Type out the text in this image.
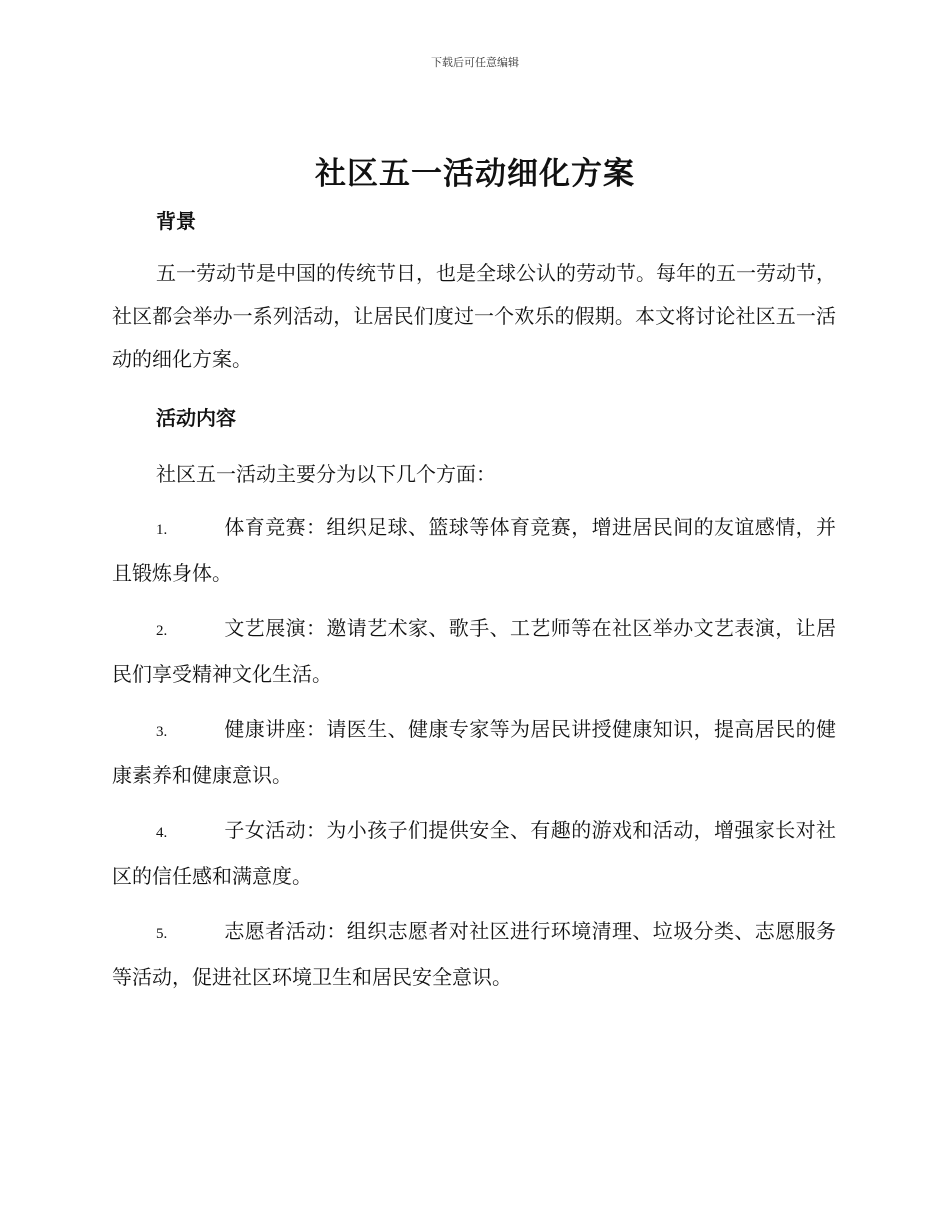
下载后可任意编辑
社区五一活动细化方案
背景

五一劳动节是中国的传统节日，也是全球公认的劳动节。每年的五一劳动节，社区都会举办一系列活动，让居民们度过一个欢乐的假期。本文将讨论社区五一活动的细化方案。

活动内容

社区五一活动主要分为以下几个方面：

1.	体育竞赛：组织足球、篮球等体育竞赛，增进居民间的友谊感情，并且锻炼身体。

2.	文艺展演：邀请艺术家、歌手、工艺师等在社区举办文艺表演，让居民们享受精神文化生活。

3.	健康讲座：请医生、健康专家等为居民讲授健康知识，提高居民的健康素养和健康意识。

4.	子女活动：为小孩子们提供安全、有趣的游戏和活动，增强家长对社区的信任感和满意度。

5.	志愿者活动：组织志愿者对社区进行环境清理、垃圾分类、志愿服务等活动，促进社区环境卫生和居民安全意识。
